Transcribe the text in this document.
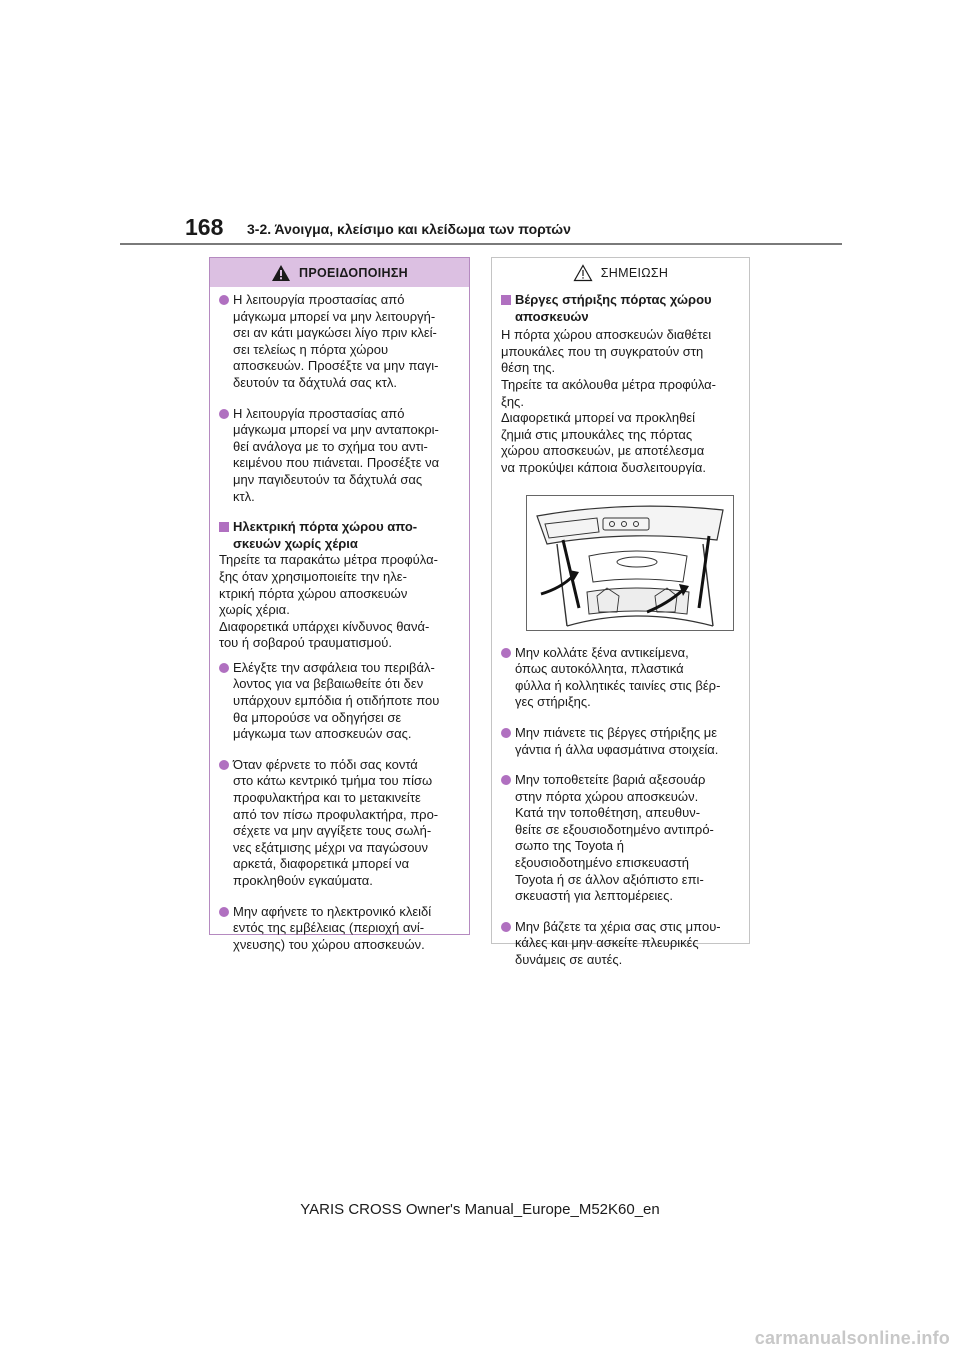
168 3-2. Άνοιγμα, κλείσιμο και κλείδωμα των πορτών
ΠΡΟΕΙΔΟΠΟΙΗΣΗ
Η λειτουργία προστασίας από
μάγκωμα μπορεί να μην λειτουργή-
σει αν κάτι μαγκώσει λίγο πριν κλεί-
σει τελείως η πόρτα χώρου
αποσκευών. Προσέξτε να μην παγι-
δευτούν τα δάχτυλά σας κτλ.
Η λειτουργία προστασίας από
μάγκωμα μπορεί να μην ανταποκρι-
θεί ανάλογα με το σχήμα του αντι-
κειμένου που πιάνεται. Προσέξτε να
μην παγιδευτούν τα δάχτυλά σας
κτλ.
Ηλεκτρική πόρτα χώρου απο-
σκευών χωρίς χέρια
Τηρείτε τα παρακάτω μέτρα προφύλα-
ξης όταν χρησιμοποιείτε την ηλε-
κτρική πόρτα χώρου αποσκευών
χωρίς χέρια.
Διαφορετικά υπάρχει κίνδυνος θανά-
του ή σοβαρού τραυματισμού.
Ελέγξτε την ασφάλεια του περιβάλ-
λοντος για να βεβαιωθείτε ότι δεν
υπάρχουν εμπόδια ή οτιδήποτε που
θα μπορούσε να οδηγήσει σε
μάγκωμα των αποσκευών σας.
Όταν φέρνετε το πόδι σας κοντά
στο κάτω κεντρικό τμήμα του πίσω
προφυλακτήρα και το μετακινείτε
από τον πίσω προφυλακτήρα, προ-
σέχετε να μην αγγίξετε τους σωλή-
νες εξάτμισης μέχρι να παγώσουν
αρκετά, διαφορετικά μπορεί να
προκληθούν εγκαύματα.
Μην αφήνετε το ηλεκτρονικό κλειδί
εντός της εμβέλειας (περιοχή ανί-
χνευσης) του χώρου αποσκευών.
ΣΗΜΕΙΩΣΗ
Βέργες στήριξης πόρτας χώρου
αποσκευών
Η πόρτα χώρου αποσκευών διαθέτει
μπουκάλες που τη συγκρατούν στη
θέση της.
Τηρείτε τα ακόλουθα μέτρα προφύλα-
ξης.
Διαφορετικά μπορεί να προκληθεί
ζημιά στις μπουκάλες της πόρτας
χώρου αποσκευών, με αποτέλεσμα
να προκύψει κάποια δυσλειτουργία.
Μην κολλάτε ξένα αντικείμενα,
όπως αυτοκόλλητα, πλαστικά
φύλλα ή κολλητικές ταινίες στις βέρ-
γες στήριξης.
Μην πιάνετε τις βέργες στήριξης με
γάντια ή άλλα υφασμάτινα στοιχεία.
Μην τοποθετείτε βαριά αξεσουάρ
στην πόρτα χώρου αποσκευών.
Κατά την τοποθέτηση, απευθυν-
θείτε σε εξουσιοδοτημένο αντιπρό-
σωπο της Toyota ή
εξουσιοδοτημένο επισκευαστή
Toyota ή σε άλλον αξιόπιστο επι-
σκευαστή για λεπτομέρειες.
Μην βάζετε τα χέρια σας στις μπου-
κάλες και μην ασκείτε πλευρικές
δυνάμεις σε αυτές.
YARIS CROSS Owner's Manual_Europe_M52K60_en
carmanualsonline.info
